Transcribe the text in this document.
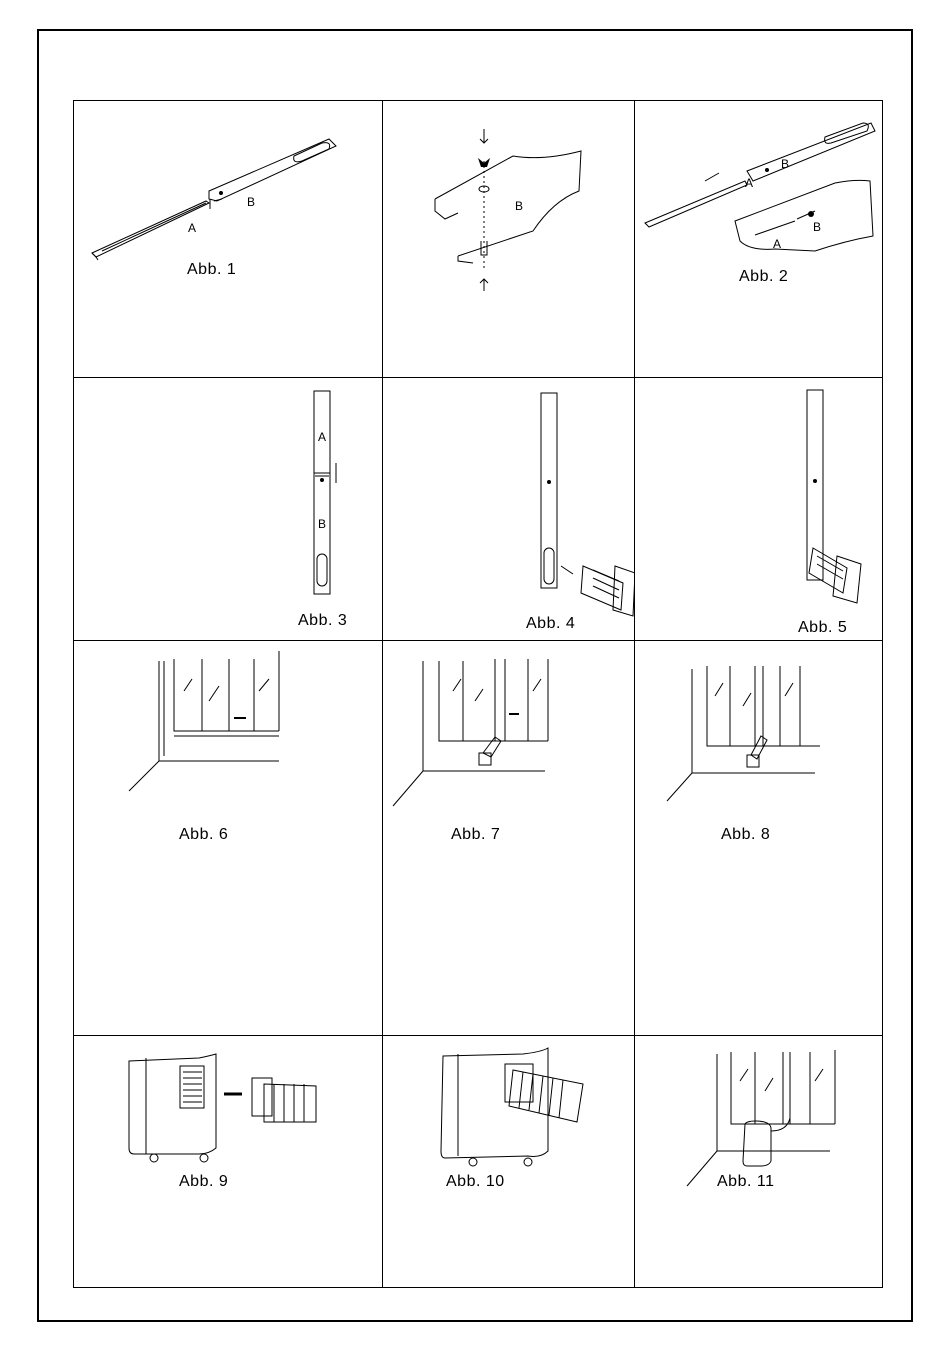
A
B
Abb. 1
B
A
B
A
B
Abb. 2
A
B
Abb. 3	Abb. 4	Abb. 5
Abb. 6	Abb. 7	Abb. 8
Abb. 9	Abb. 10	Abb. 11
